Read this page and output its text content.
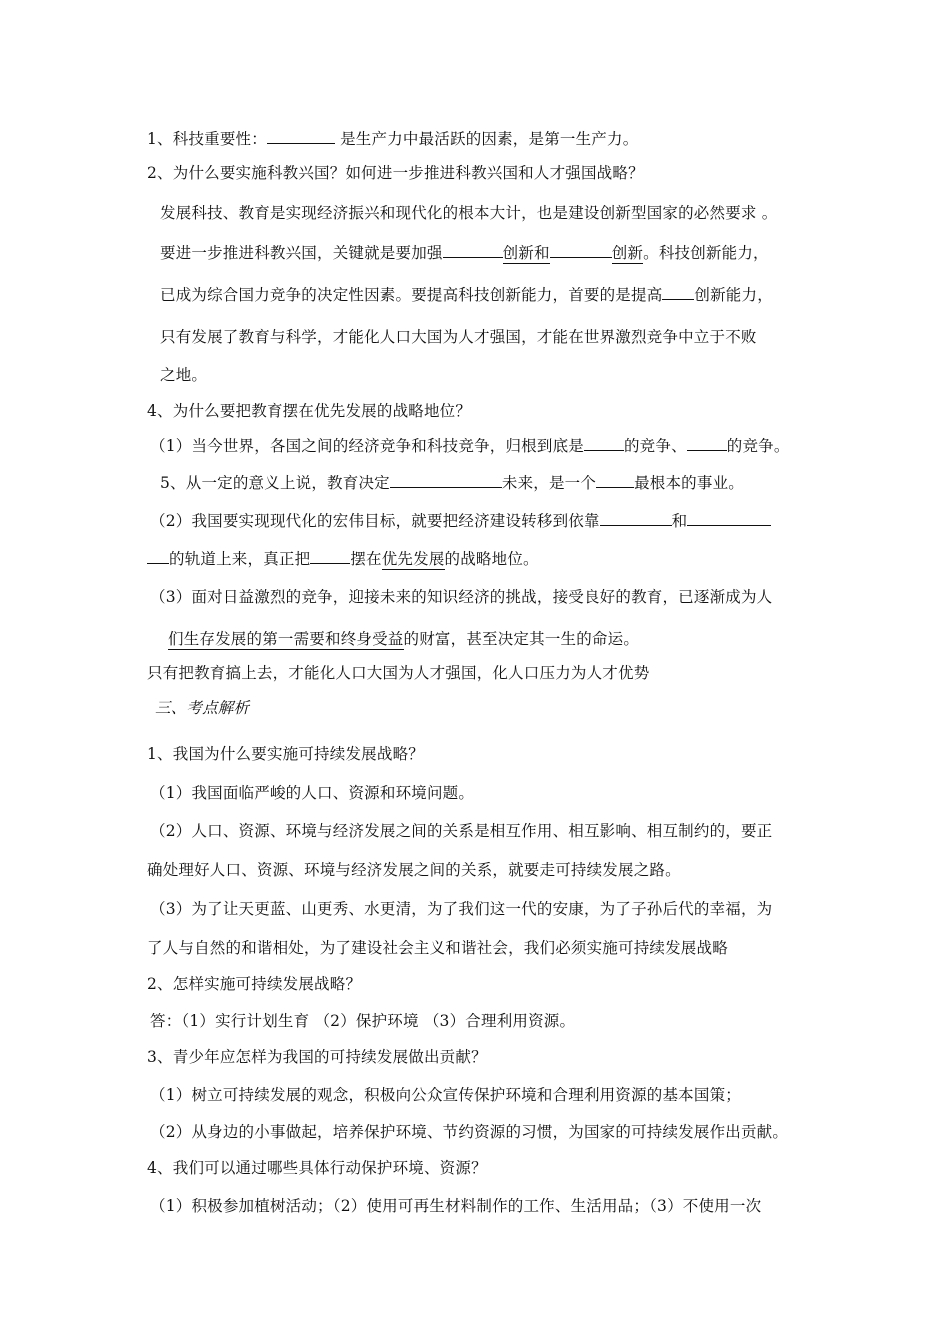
1、科技重要性：	是生产力中最活跃的因素，是第一生产力。
2、为什么要实施科教兴国？如何进一步推进科教兴国和人才强国战略？
发展科技、教育是实现经济振兴和现代化的根本大计，也是建设创新型国家的必然要求 。
要进一步推进科教兴国，关键就是要加强	创新和	创新。科技创新能力，
已成为综合国力竞争的决定性因素。要提高科技创新能力，首要的是提高 创新能力，
只有发展了教育与科学，才能化人口大国为人才强国，才能在世界激烈竞争中立于不败
之地。
4、为什么要把教育摆在优先发展的战略地位？
（1）当今世界，各国之间的经济竞争和科技竞争，归根到底是	的竞争、	的竞争。
5、从一定的意义上说，教育决定	未来，是一个 最根本的事业。
（2）我国要实现现代化的宏伟目标，就要把经济建设转移到依靠	和
的轨道上来，真正把	摆在优先发展的战略地位。
（3）面对日益激烈的竞争，迎接未来的知识经济的挑战，接受良好的教育，已逐渐成为人
们生存发展的第一需要和终身受益的财富，甚至决定其一生的命运。
只有把教育搞上去，才能化人口大国为人才强国，化人口压力为人才优势
三、考点解析
1、我国为什么要实施可持续发展战略？
（1）我国面临严峻的人口、资源和环境问题。
（2）人口、资源、环境与经济发展之间的关系是相互作用、相互影响、相互制约的，要正
确处理好人口、资源、环境与经济发展之间的关系，就要走可持续发展之路。
（3）为了让天更蓝、山更秀、水更清，为了我们这一代的安康，为了子孙后代的幸福，为
了人与自然的和谐相处，为了建设社会主义和谐社会，我们必须实施可持续发展战略
2、怎样实施可持续发展战略？
答：（1）实行计划生育 （2）保护环境 （3）合理利用资源。
3、青少年应怎样为我国的可持续发展做出贡献？
（1）树立可持续发展的观念，积极向公众宣传保护环境和合理利用资源的基本国策；
（2）从身边的小事做起，培养保护环境、节约资源的习惯，为国家的可持续发展作出贡献。
4、我们可以通过哪些具体行动保护环境、资源？
（1）积极参加植树活动；（2）使用可再生材料制作的工作、生活用品；（3）不使用一次
